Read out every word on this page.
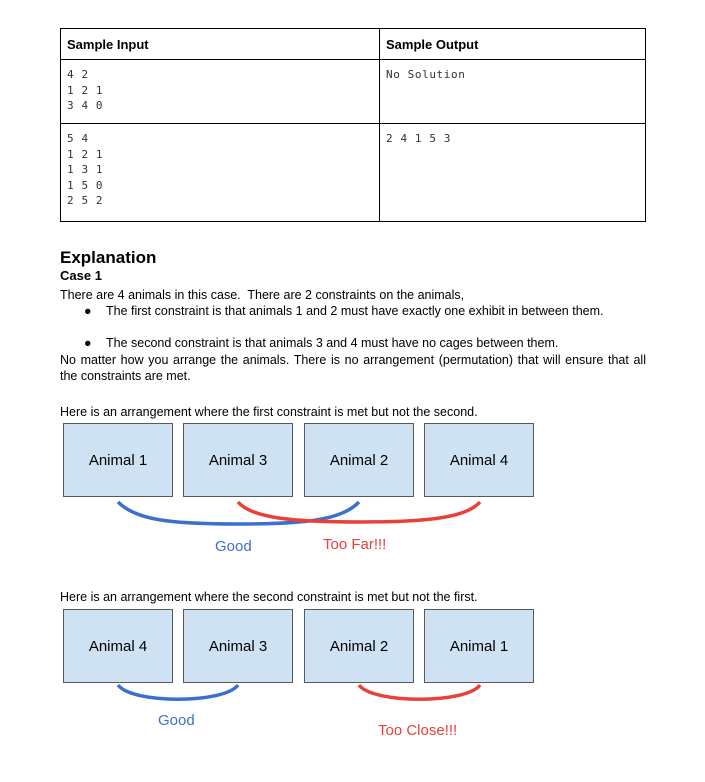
Sample Input	Sample Output

4 2
1 2 1
3 4 0	No Solution

5 4
1 2 1
1 3 1
1 5 0
2 5 2	2 4 1 5 3
Explanation
Case 1
There are 4 animals in this case.  There are 2 constraints on the animals,
● The first constraint is that animals 1 and 2 must have exactly one exhibit in between them.
● The second constraint is that animals 3 and 4 must have no cages between them.
No matter how you arrange the animals. There is no arrangement (permutation) that will ensure that all the constraints are met.
Here is an arrangement where the first constraint is met but not the second.
Animal 1	Animal 3	Animal 2	Animal 4
Good	Too Far!!!
Here is an arrangement where the second constraint is met but not the first.
Animal 4	Animal 3	Animal 2	Animal 1
Good
Too Close!!!
